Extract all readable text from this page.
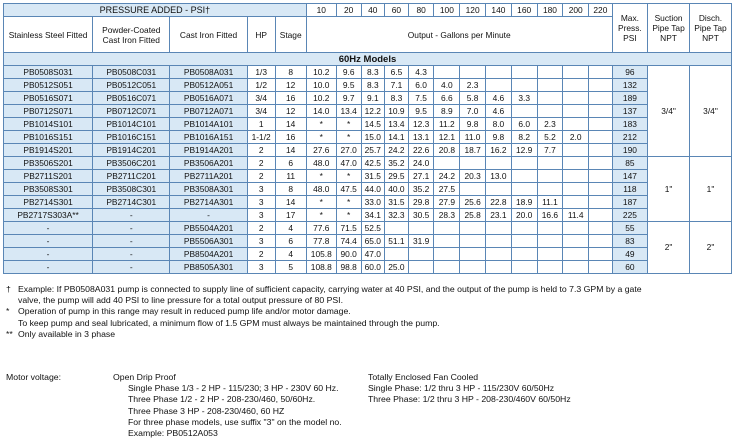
PRESSURE ADDED - PSI†					10	20	40	60	80	100	120	140	160	180	200	220	Max. Press. PSI	Suction Pipe Tap NPT	Disch. Pipe Tap NPT
Stainless Steel Fitted	Powder-Coated Cast Iron Fitted	Cast Iron Fitted	HP	Stage	Output - Gallons per Minute														
60Hz Models																			
PB0508S031	PB0508C031	PB0508A031	1/3	8	10.2	9.6	8.3	6.5	4.3								96	3/4"	3/4"
PB0512S051	PB0512C051	PB0512A051	1/2	12	10.0	9.5	8.3	7.1	6.0	4.0	2.3						132		
PB0516S071	PB0516C071	PB0516A071	3/4	16	10.2	9.7	9.1	8.3	7.5	6.6	5.8	4.6	3.3				189		
PB0712S071	PB0712C071	PB0712A071	3/4	12	14.0	13.4	12.2	10.9	9.5	8.9	7.0	4.6					137		
PB1014S101	PB1014C101	PB1014A101	1	14	*	*	14.5	13.4	12.3	11.2	9.8	8.0	6.0	2.3			183		
PB1016S151	PB1016C151	PB1016A151	1-1/2	16	*	*	15.0	14.1	13.1	12.1	11.0	9.8	8.2	5.2	2.0		212		
PB1914S201	PB1914C201	PB1914A201	2	14	27.6	27.0	25.7	24.2	22.6	20.8	18.7	16.2	12.9	7.7			190		
PB3506S201	PB3506C201	PB3506A201	2	6	48.0	47.0	42.5	35.2	24.0								85	1"	1"
PB2711S201	PB2711C201	PB2711A201	2	11	*	*	31.5	29.5	27.1	24.2	20.3	13.0					147		
PB3508S301	PB3508C301	PB3508A301	3	8	48.0	47.5	44.0	40.0	35.2	27.5							118		
PB2714S301	PB2714C301	PB2714A301	3	14	*	*	33.0	31.5	29.8	27.9	25.6	22.8	18.9	11.1			187		
PB2717S303A**	-	-	3	17	*	*	34.1	32.3	30.5	28.3	25.8	23.1	20.0	16.6	11.4		225		
-	-	PB5504A201	2	4	77.6	71.5	52.5										55	2"	2"
-	-	PB5506A301	3	6	77.8	74.4	65.0	51.1	31.9								83		
-	-	PB8504A201	2	4	105.8	90.0	47.0										49		
-	-	PB8505A301	3	5	108.8	98.8	60.0	25.0									60		
† Example: If PB0508A031 pump is connected to supply line of sufficient capacity, carrying water at 40 PSI, and the output of the pump is held to 7.3 GPM by a gate

valve, the pump will add 40 PSI to line pressure for a total output pressure of 80 PSI.

* Operation of pump in this range may result in reduced pump life and/or motor damage.

To keep pump and seal lubricated, a minimum flow of 1.5 GPM must always be maintained through the pump.

** Only available in 3 phase
Motor voltage:	Open Drip Proof
Single Phase 1/3 - 2 HP - 115/230; 3 HP - 230V 60 Hz.
Three Phase 1/2 - 2 HP - 208-230/460, 50/60Hz.
Three Phase 3 HP - 208-230/460, 60 HZ
For three phase models, use suffix "3" on the model no.
Example: PB0512A053
Totally Enclosed Fan Cooled
Single Phase: 1/2 thru 3 HP - 115/230V 60/50Hz
Three Phase: 1/2 thru 3 HP - 208-230/460V 60/50Hz
